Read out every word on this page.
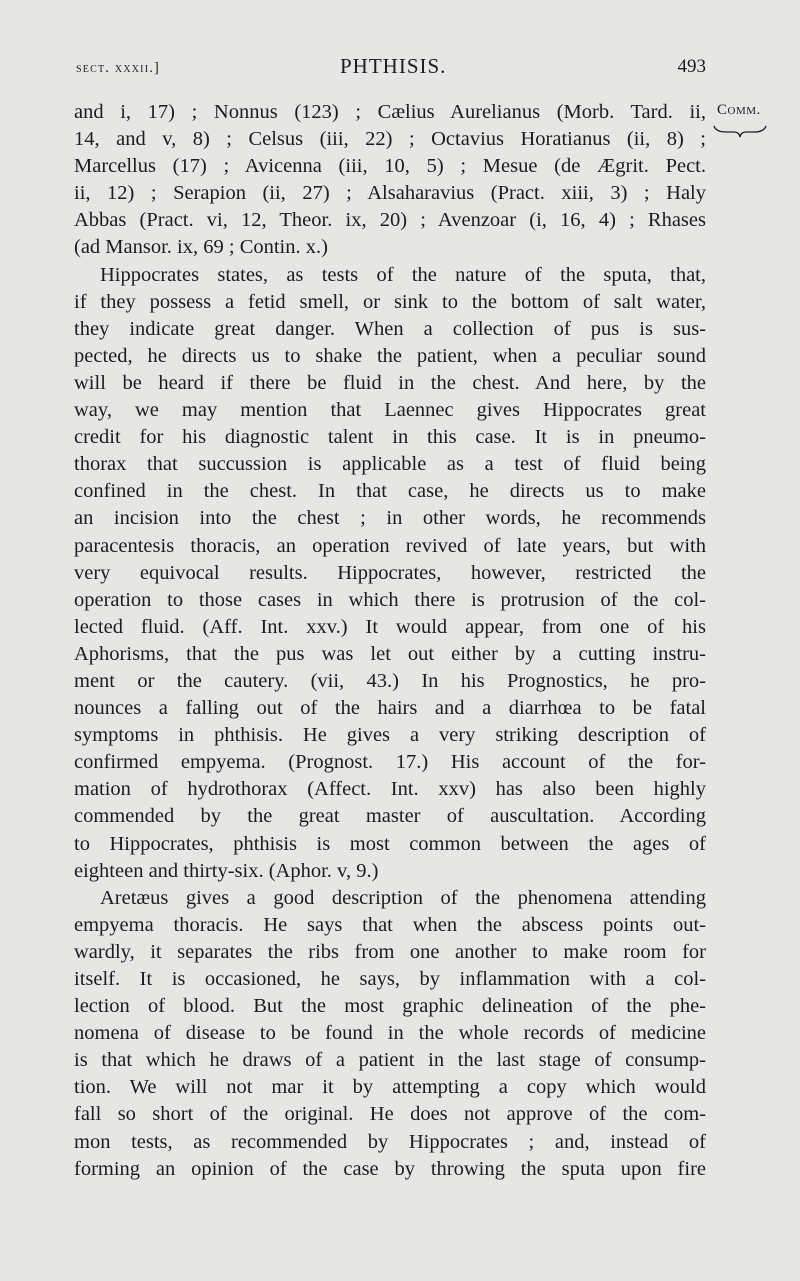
sect. xxxii.]	PHTHISIS.	493
Comm.
and i, 17) ; Nonnus (123) ; Cælius Aurelianus (Morb. Tard. ii,
14, and v, 8) ; Celsus (iii, 22) ; Octavius Horatianus (ii, 8) ;
Marcellus (17) ; Avicenna (iii, 10, 5) ; Mesue (de Ægrit. Pect.
ii, 12) ; Serapion (ii, 27) ; Alsaharavius (Pract. xiii, 3) ; Haly
Abbas (Pract. vi, 12, Theor. ix, 20) ; Avenzoar (i, 16, 4) ; Rhases
(ad Mansor. ix, 69 ; Contin. x.)
Hippocrates states, as tests of the nature of the sputa, that,
if they possess a fetid smell, or sink to the bottom of salt water,
they indicate great danger. When a collection of pus is sus-
pected, he directs us to shake the patient, when a peculiar sound
will be heard if there be fluid in the chest. And here, by the
way, we may mention that Laennec gives Hippocrates great
credit for his diagnostic talent in this case. It is in pneumo-
thorax that succussion is applicable as a test of fluid being
confined in the chest. In that case, he directs us to make
an incision into the chest ; in other words, he recommends
paracentesis thoracis, an operation revived of late years, but with
very equivocal results. Hippocrates, however, restricted the
operation to those cases in which there is protrusion of the col-
lected fluid. (Aff. Int. xxv.) It would appear, from one of his
Aphorisms, that the pus was let out either by a cutting instru-
ment or the cautery. (vii, 43.) In his Prognostics, he pro-
nounces a falling out of the hairs and a diarrhœa to be fatal
symptoms in phthisis. He gives a very striking description of
confirmed empyema. (Prognost. 17.) His account of the for-
mation of hydrothorax (Affect. Int. xxv) has also been highly
commended by the great master of auscultation. According
to Hippocrates, phthisis is most common between the ages of
eighteen and thirty-six. (Aphor. v, 9.)
Aretæus gives a good description of the phenomena attending
empyema thoracis. He says that when the abscess points out-
wardly, it separates the ribs from one another to make room for
itself. It is occasioned, he says, by inflammation with a col-
lection of blood. But the most graphic delineation of the phe-
nomena of disease to be found in the whole records of medicine
is that which he draws of a patient in the last stage of consump-
tion. We will not mar it by attempting a copy which would
fall so short of the original. He does not approve of the com-
mon tests, as recommended by Hippocrates ; and, instead of
forming an opinion of the case by throwing the sputa upon fire
